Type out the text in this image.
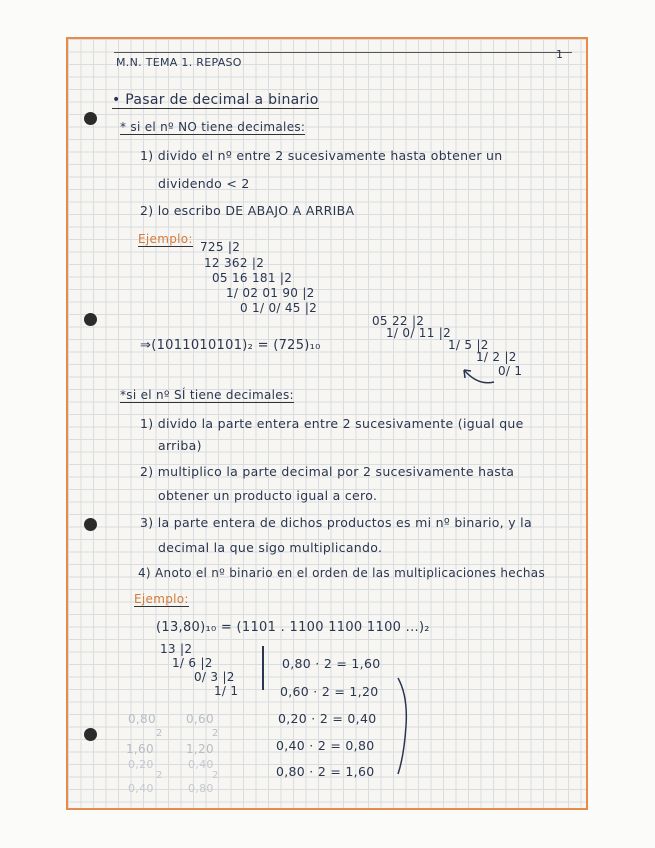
M.N. TEMA 1. REPASO
1
• Pasar de decimal a binario
* si el nº NO tiene decimales:
1) divido el nº entre 2 sucesivamente hasta obtener un
dividendo < 2
2) lo escribo DE ABAJO A ARRIBA
Ejemplo:
725 |2
12 362 |2
05 16 181 |2
1/ 02 01 90 |2
0 1/ 0/ 45 |2
05 22 |2
1/ 0/ 11 |2
1/ 5 |2
1/ 2 |2
0/ 1
⇒(1011010101)₂ = (725)₁₀
*si el nº SÍ tiene decimales:
1) divido la parte entera entre 2 sucesivamente (igual que
arriba)
2) multiplico la parte decimal por 2 sucesivamente hasta
obtener un producto igual a cero.
3) la parte entera de dichos productos es mi nº binario, y la
decimal la que sigo multiplicando.
4) Anoto el nº binario en el orden de las multiplicaciones hechas
Ejemplo:
(13,80)₁₀ = (1101 . 1100 1100 1100 ...)₂
13 |2
1/ 6 |2
0/ 3 |2
1/ 1
0,80 · 2 = 1,60
0,60 · 2 = 1,20
0,20 · 2 = 0,40
0,40 · 2 = 0,80
0,80 · 2 = 1,60
0,80
2
1,60
0,60
2
1,20
0,20
2
0,40
0,40
2
0,80
